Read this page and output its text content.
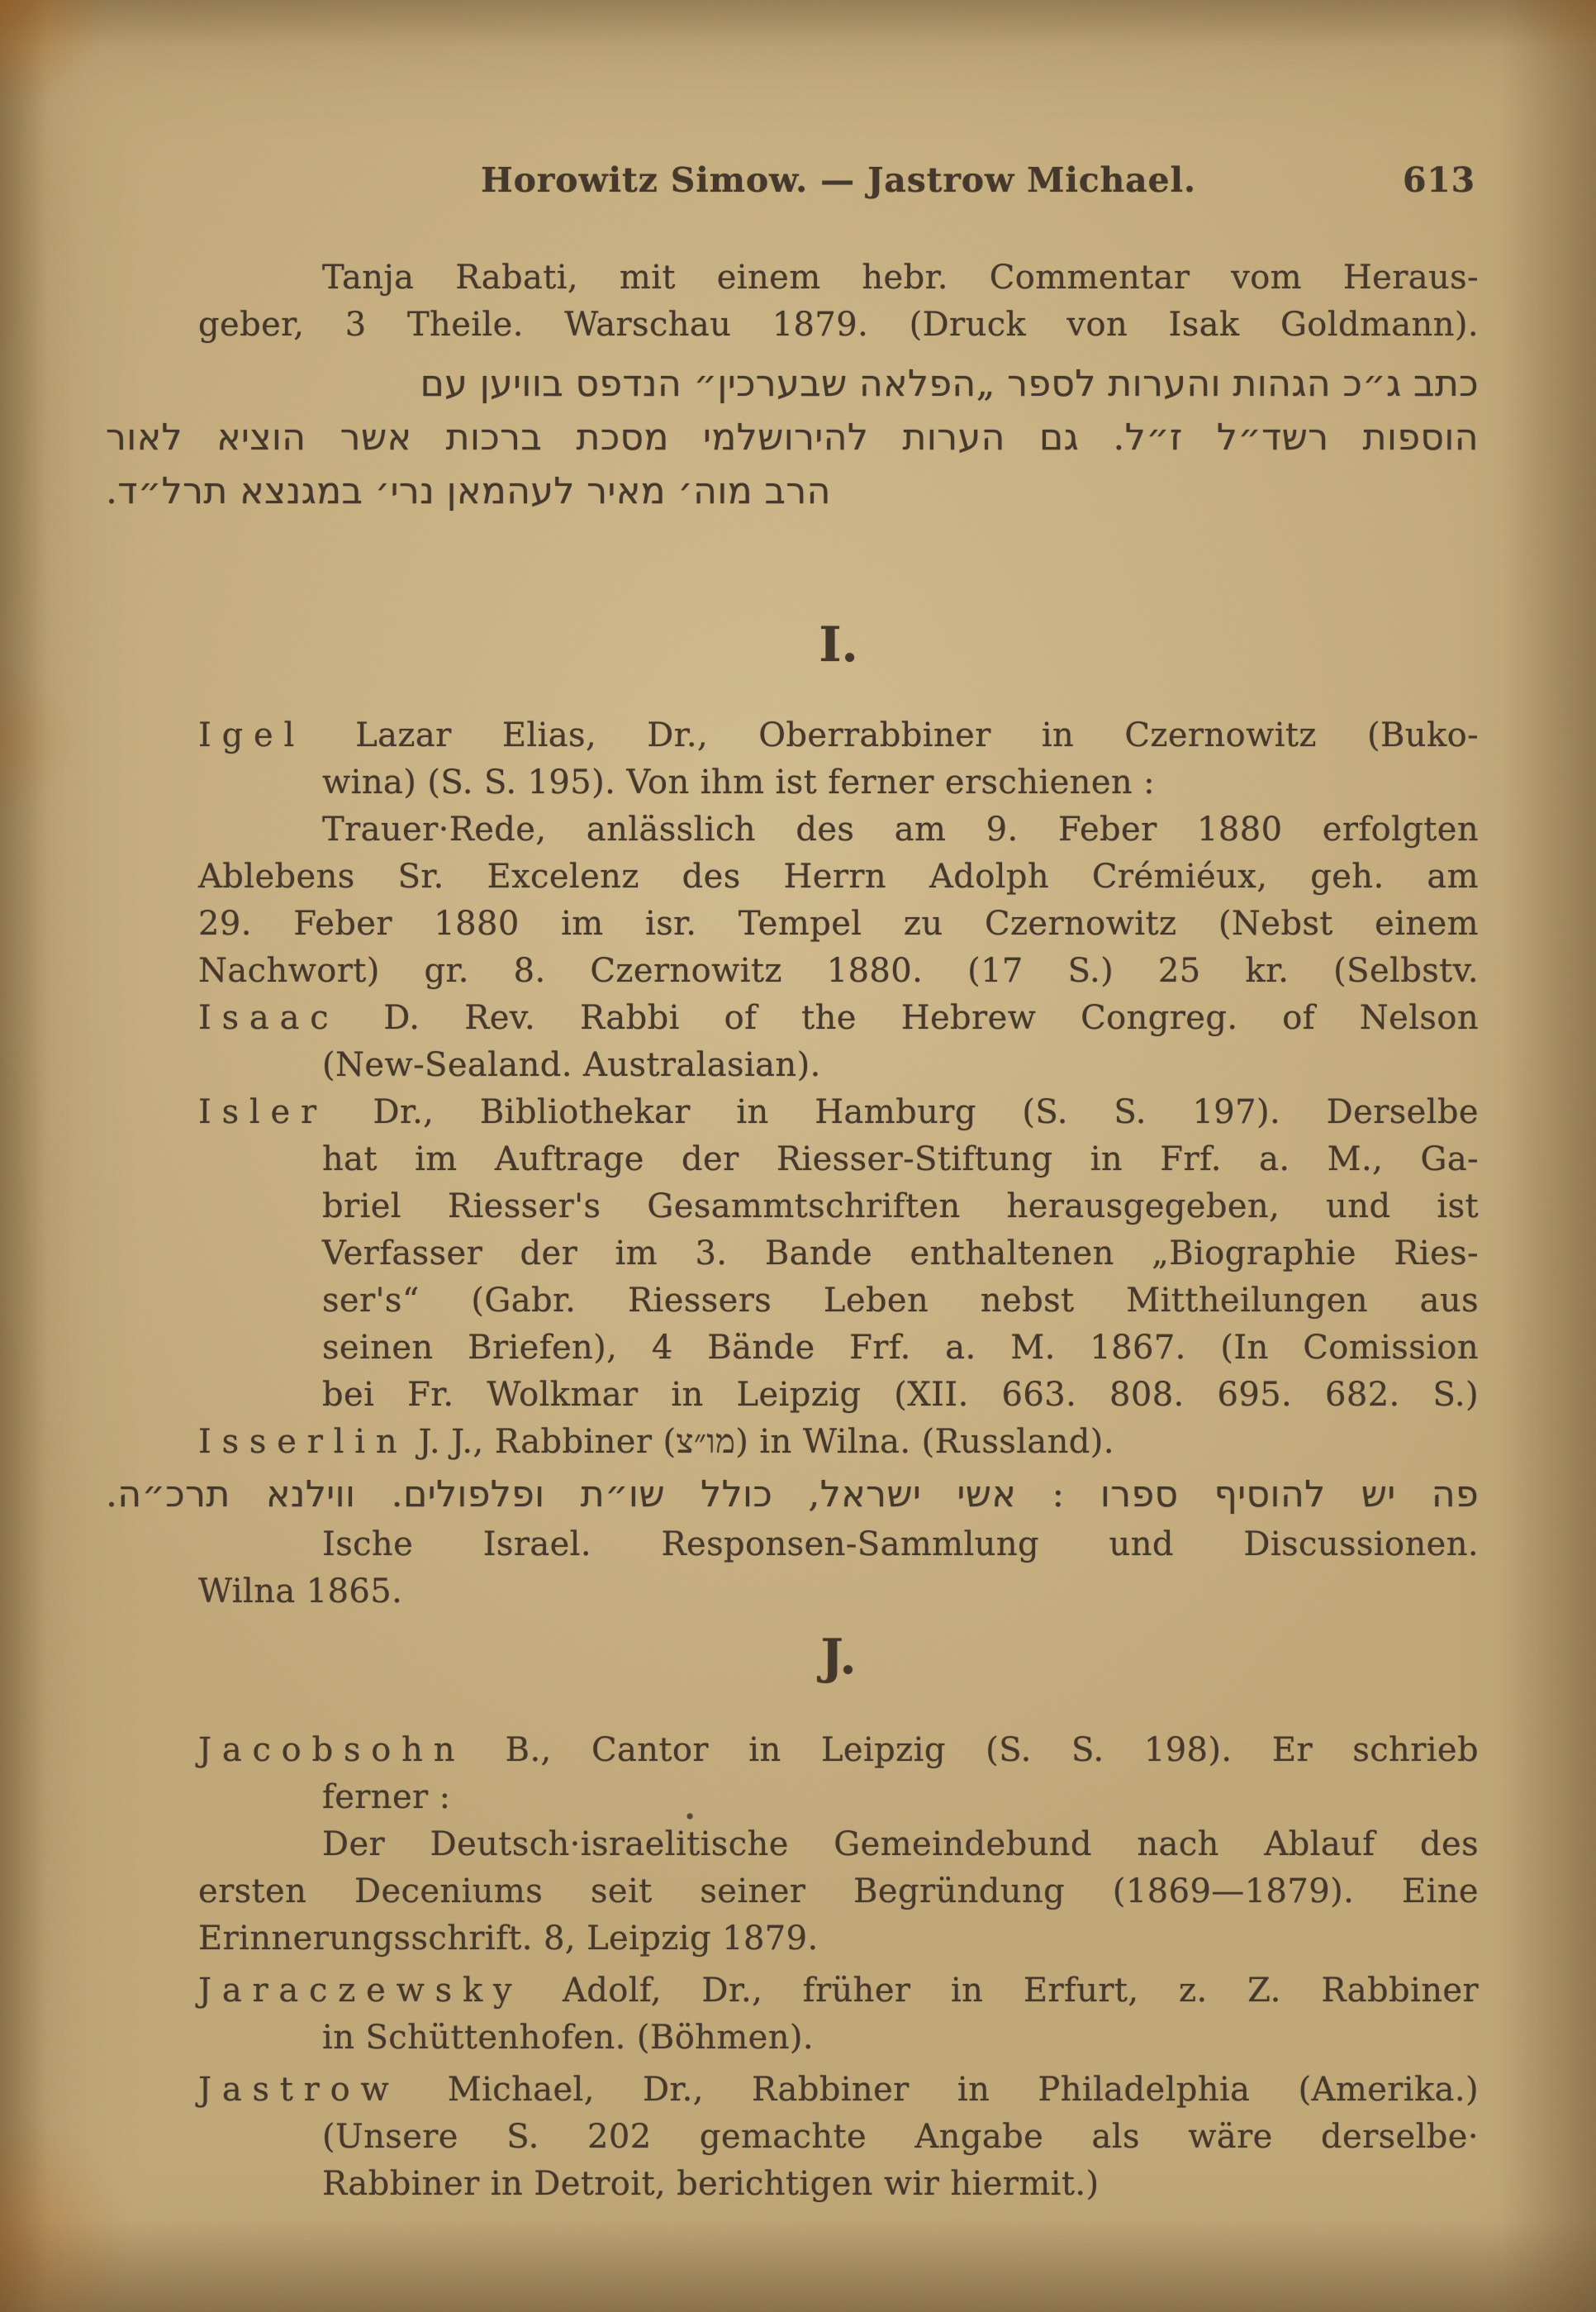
Horowitz Simow. — Jastrow Michael.	613
Tanja Rabati, mit einem hebr. Commentar vom Heraus-
geber, 3 Theile. Warschau 1879. (Druck von Isak Goldmann).
כתב ג״כ הגהות והערות לספר „הפלאה שבערכין״ הנדפס בוויען עם
הוספות רשד״ל ז״ל. גם הערות להירושלמי מסכת ברכות אשר הוציא לאור
הרב מוה׳ מאיר לעהמאן נרי׳ במגנצא תרל״ד.
I.
Igel Lazar Elias, Dr., Oberrabbiner in Czernowitz (Buko-
wina) (S. S. 195). Von ihm ist ferner erschienen :
Trauer·Rede, anlässlich des am 9. Feber 1880 erfolgten
Ablebens Sr. Excelenz des Herrn Adolph Crémiéux, geh. am
29. Feber 1880 im isr. Tempel zu Czernowitz (Nebst einem
Nachwort) gr. 8. Czernowitz 1880. (17 S.) 25 kr. (Selbstv.
Isaac D. Rev. Rabbi of the Hebrew Congreg. of Nelson
(New-Sealand. Australasian).
Isler Dr., Bibliothekar in Hamburg (S. S. 197). Derselbe
hat im Auftrage der Riesser-Stiftung in Frf. a. M., Ga-
briel Riesser's Gesammtschriften herausgegeben, und ist
Verfasser der im 3. Bande enthaltenen „Biographie Ries-
ser's“ (Gabr. Riessers Leben nebst Mittheilungen aus
seinen Briefen), 4 Bände Frf. a. M. 1867. (In Comission
bei Fr. Wolkmar in Leipzig (XII. 663. 808. 695. 682. S.)
Isserlin J. J., Rabbiner (מו״צ) in Wilna. (Russland).
פה יש להוסיף ספרו : אשי ישראל, כולל שו״ת ופלפולים. ווילנא תרכ״ה.
Ische Israel. Responsen-Sammlung und Discussionen.
Wilna 1865.
J.
Jacobsohn B., Cantor in Leipzig (S. S. 198). Er schrieb
ferner :
•
Der Deutsch·israelitische Gemeindebund nach Ablauf des
ersten Deceniums seit seiner Begründung (1869—1879). Eine
Erinnerungsschrift. 8, Leipzig 1879.
Jaraczewsky Adolf, Dr., früher in Erfurt, z. Z. Rabbiner
in Schüttenhofen. (Böhmen).
Jastrow Michael, Dr., Rabbiner in Philadelphia (Amerika.)
(Unsere S. 202 gemachte Angabe als wäre derselbe·
Rabbiner in Detroit, berichtigen wir hiermit.)
